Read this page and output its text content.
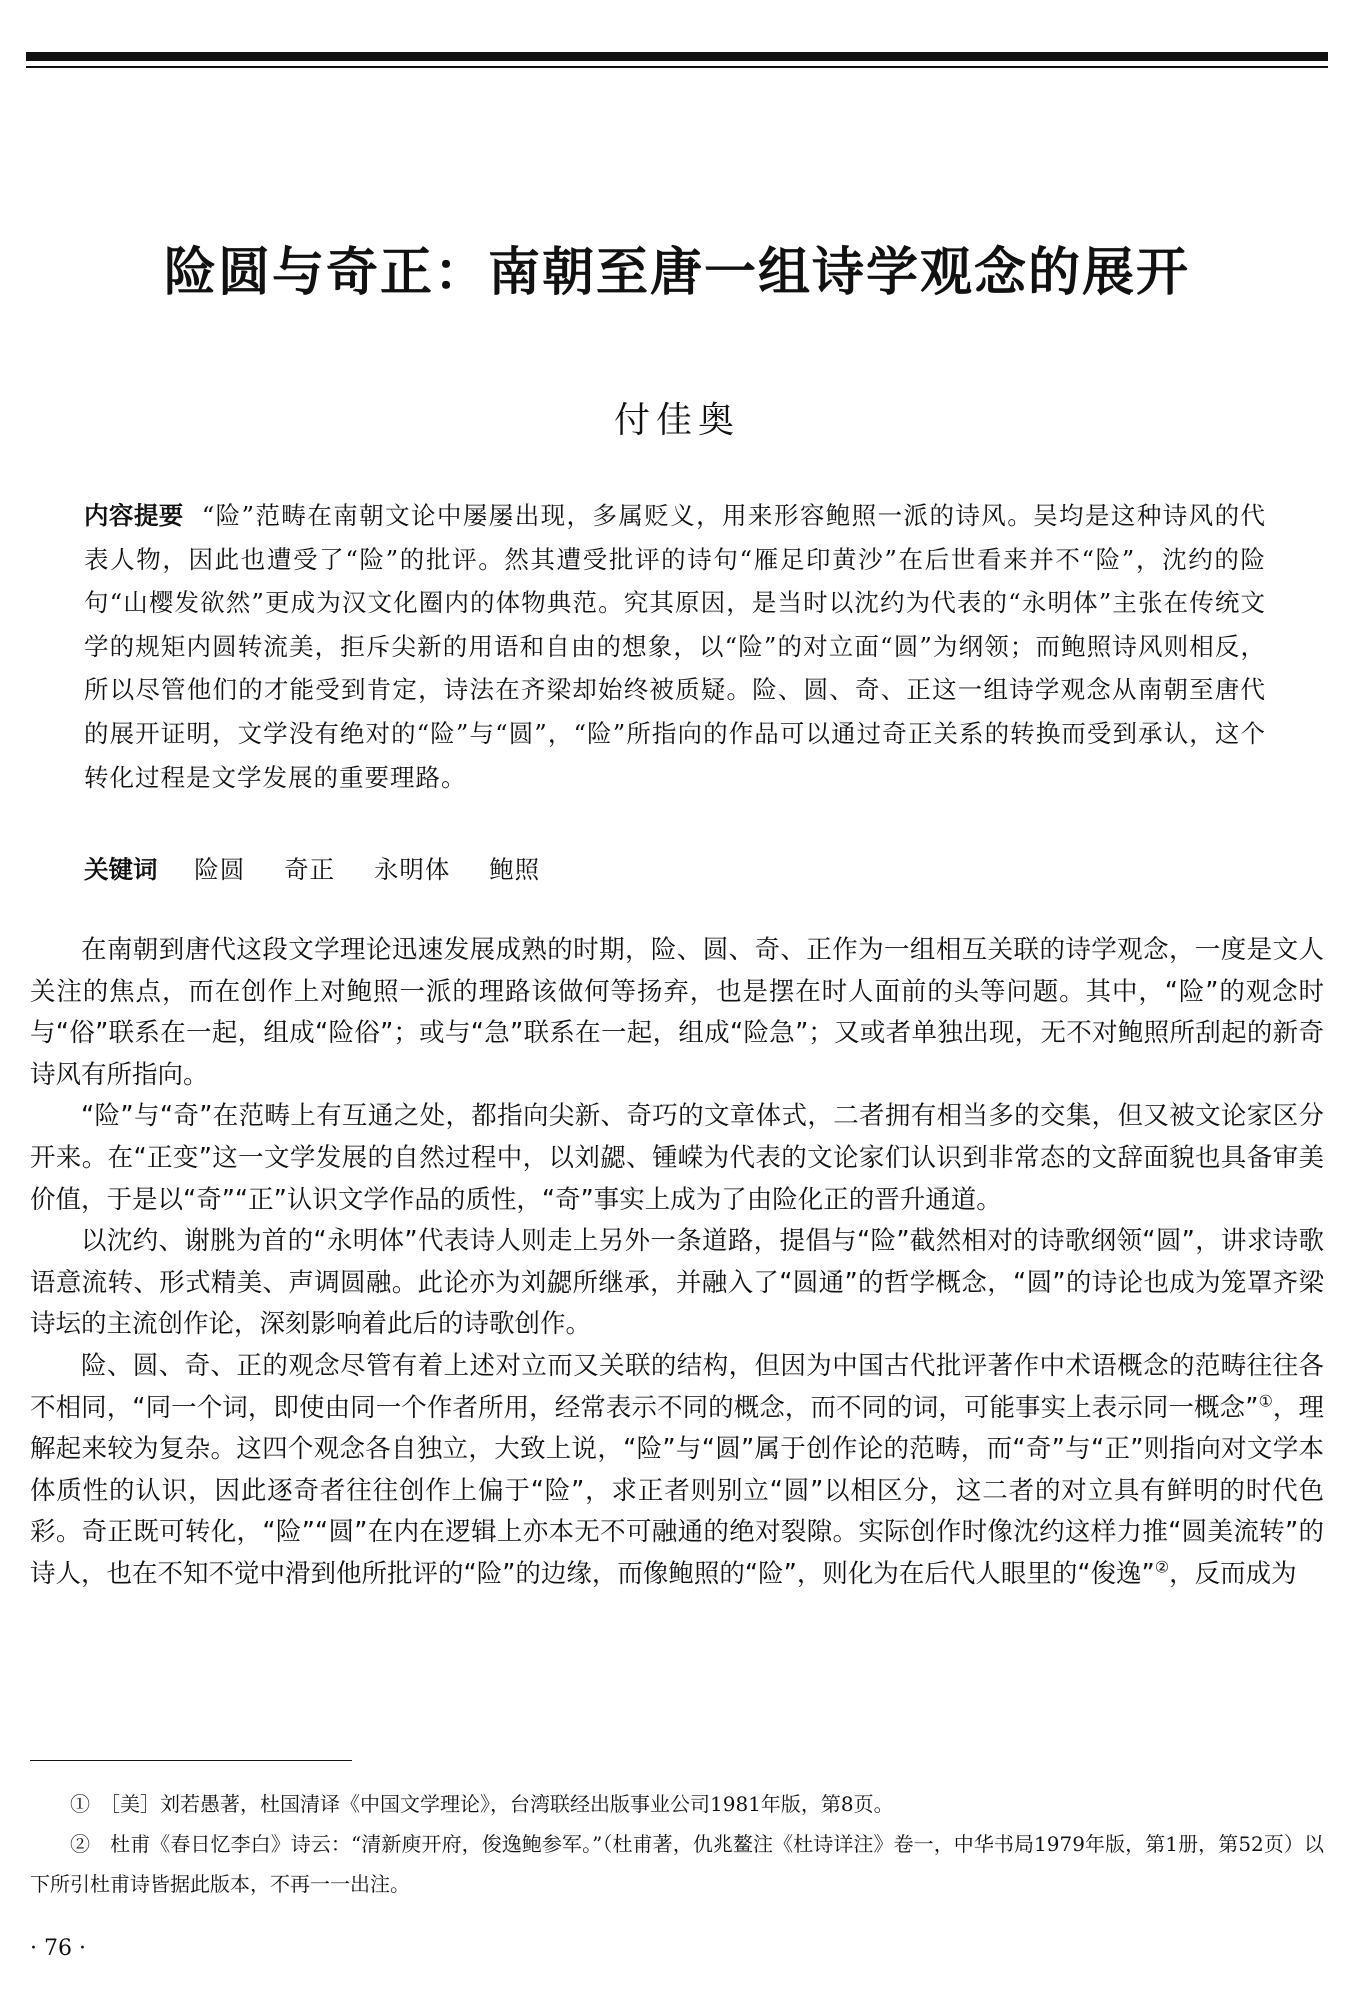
险圆与奇正：南朝至唐一组诗学观念的展开
付佳奥
内容提要 “险”范畴在南朝文论中屡屡出现，多属贬义，用来形容鲍照一派的诗风。吴均是这种诗风的代表人物，因此也遭受了“险”的批评。然其遭受批评的诗句“雁足印黄沙”在后世看来并不“险”，沈约的险句“山樱发欲然”更成为汉文化圈内的体物典范。究其原因，是当时以沈约为代表的“永明体”主张在传统文学的规矩内圆转流美，拒斥尖新的用语和自由的想象，以“险”的对立面“圆”为纲领；而鲍照诗风则相反，所以尽管他们的才能受到肯定，诗法在齐梁却始终被质疑。险、圆、奇、正这一组诗学观念从南朝至唐代的展开证明，文学没有绝对的“险”与“圆”，“险”所指向的作品可以通过奇正关系的转换而受到承认，这个转化过程是文学发展的重要理路。
关键词 险圆 奇正 永明体 鲍照

在南朝到唐代这段文学理论迅速发展成熟的时期，险、圆、奇、正作为一组相互关联的诗学观念，一度是文人关注的焦点，而在创作上对鲍照一派的理路该做何等扬弃，也是摆在时人面前的头等问题。其中，“险”的观念时与“俗”联系在一起，组成“险俗”；或与“急”联系在一起，组成“险急”；又或者单独出现，无不对鲍照所刮起的新奇诗风有所指向。

“险”与“奇”在范畴上有互通之处，都指向尖新、奇巧的文章体式，二者拥有相当多的交集，但又被文论家区分开来。在“正变”这一文学发展的自然过程中，以刘勰、锺嵘为代表的文论家们认识到非常态的文辞面貌也具备审美价值，于是以“奇”“正”认识文学作品的质性，“奇”事实上成为了由险化正的晋升通道。

以沈约、谢朓为首的“永明体”代表诗人则走上另外一条道路，提倡与“险”截然相对的诗歌纲领“圆”，讲求诗歌语意流转、形式精美、声调圆融。此论亦为刘勰所继承，并融入了“圆通”的哲学概念，“圆”的诗论也成为笼罩齐梁诗坛的主流创作论，深刻影响着此后的诗歌创作。

险、圆、奇、正的观念尽管有着上述对立而又关联的结构，但因为中国古代批评著作中术语概念的范畴往往各不相同，“同一个词，即使由同一个作者所用，经常表示不同的概念，而不同的词，可能事实上表示同一概念”①，理解起来较为复杂。这四个观念各自独立，大致上说，“险”与“圆”属于创作论的范畴，而“奇”与“正”则指向对文学本体质性的认识，因此逐奇者往往创作上偏于“险”，求正者则别立“圆”以相区分，这二者的对立具有鲜明的时代色彩。奇正既可转化，“险”“圆”在内在逻辑上亦本无不可融通的绝对裂隙。实际创作时像沈约这样力推“圆美流转”的诗人，也在不知不觉中滑到他所批评的“险”的边缘，而像鲍照的“险”，则化为在后代人眼里的“俊逸”②，反而成为

①　［美］刘若愚著，杜国清译《中国文学理论》，台湾联经出版事业公司1981年版，第8页。

②　杜甫《春日忆李白》诗云：“清新庾开府，俊逸鲍参军。”（杜甫著，仇兆鳌注《杜诗详注》卷一，中华书局1979年版，第1册，第52页）以下所引杜甫诗皆据此版本，不再一一出注。

· 76 ·
